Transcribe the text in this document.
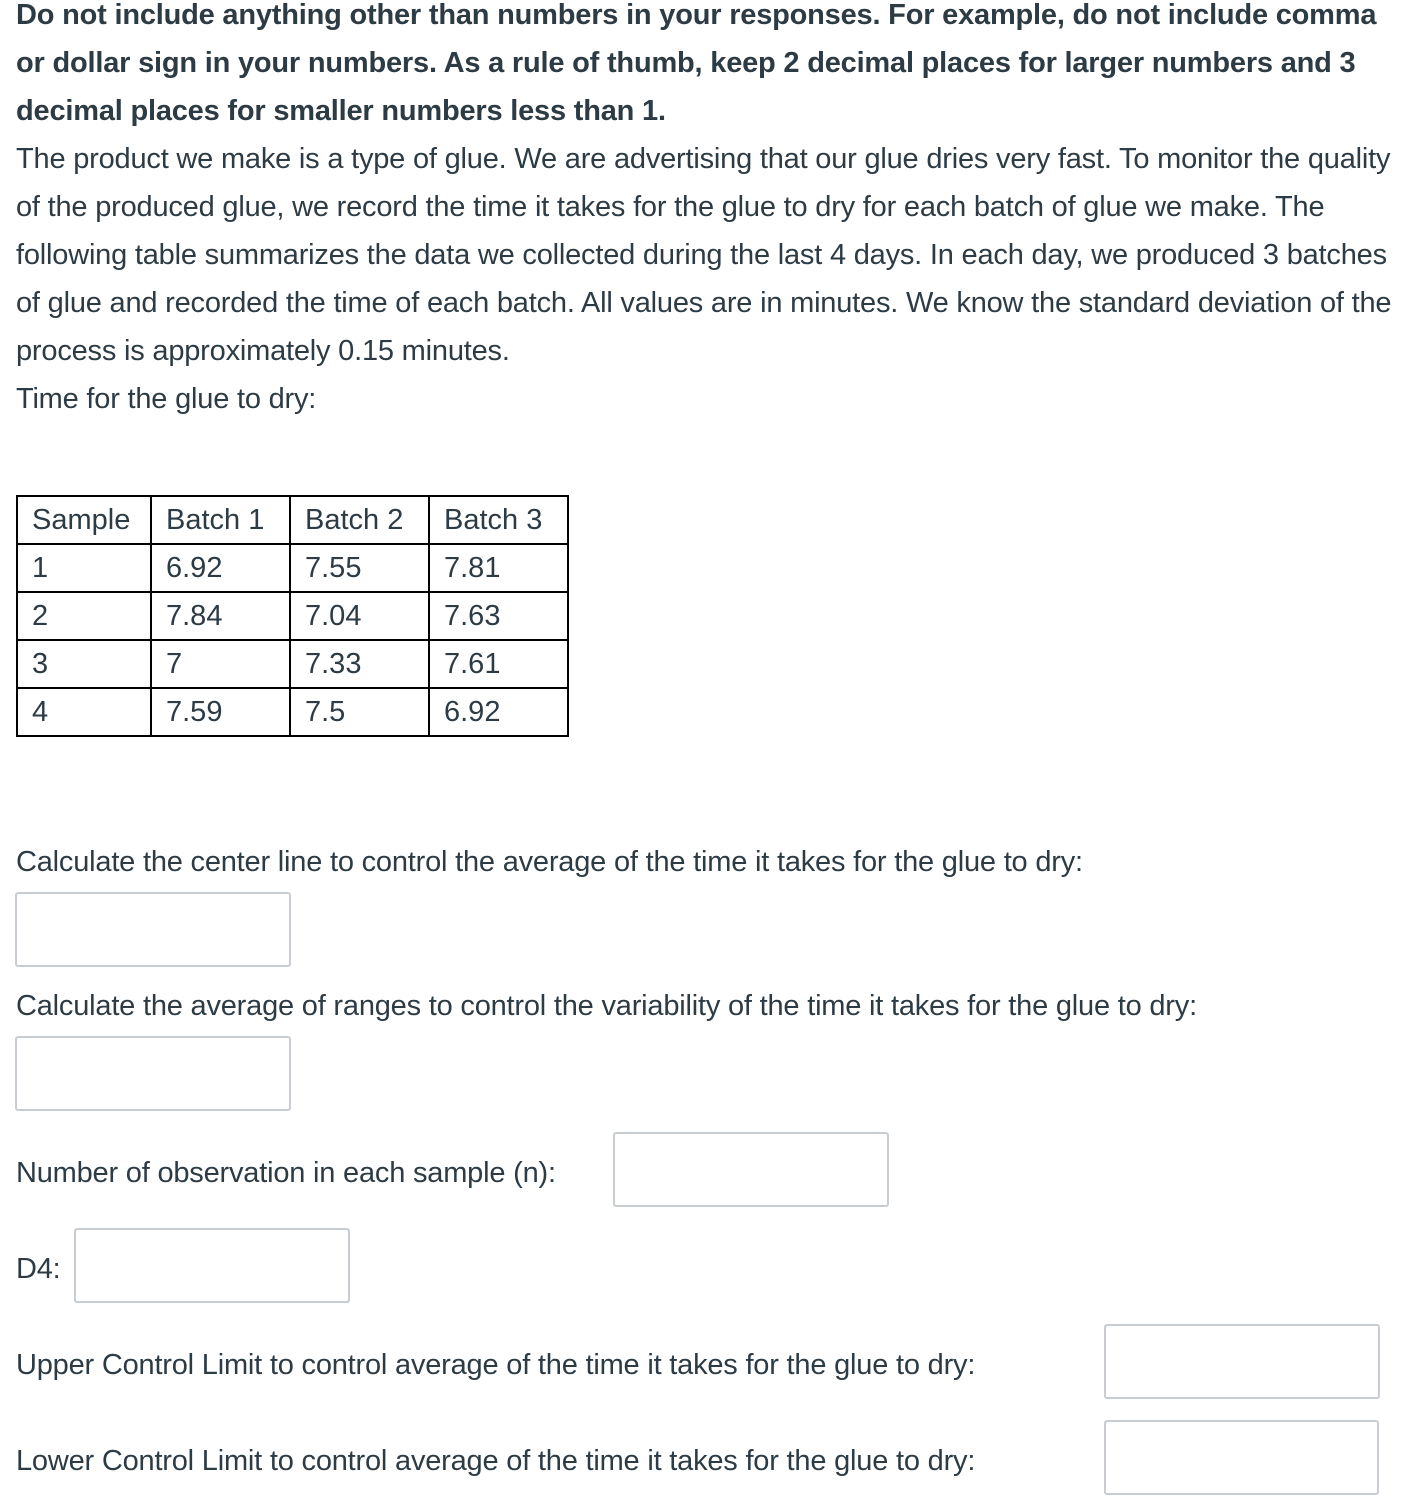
Do not include anything other than numbers in your responses. For example, do not include comma or dollar sign in your numbers. As a rule of thumb, keep 2 decimal places for larger numbers and 3 decimal places for smaller numbers less than 1.

The product we make is a type of glue. We are advertising that our glue dries very fast. To monitor the quality of the produced glue, we record the time it takes for the glue to dry for each batch of glue we make. The following table summarizes the data we collected during the last 4 days. In each day, we produced 3 batches of glue and recorded the time of each batch. All values are in minutes. We know the standard deviation of the process is approximately 0.15 minutes.

Time for the glue to dry:

Sample	Batch 1	Batch 2	Batch 3
1	6.92	7.55	7.81
2	7.84	7.04	7.63
3	7	7.33	7.61
4	7.59	7.5	6.92
Calculate the center line to control the average of the time it takes for the glue to dry:
Calculate the average of ranges to control the variability of the time it takes for the glue to dry:
Number of observation in each sample (n):
D4:
Upper Control Limit to control average of the time it takes for the glue to dry:
Lower Control Limit to control average of the time it takes for the glue to dry:
